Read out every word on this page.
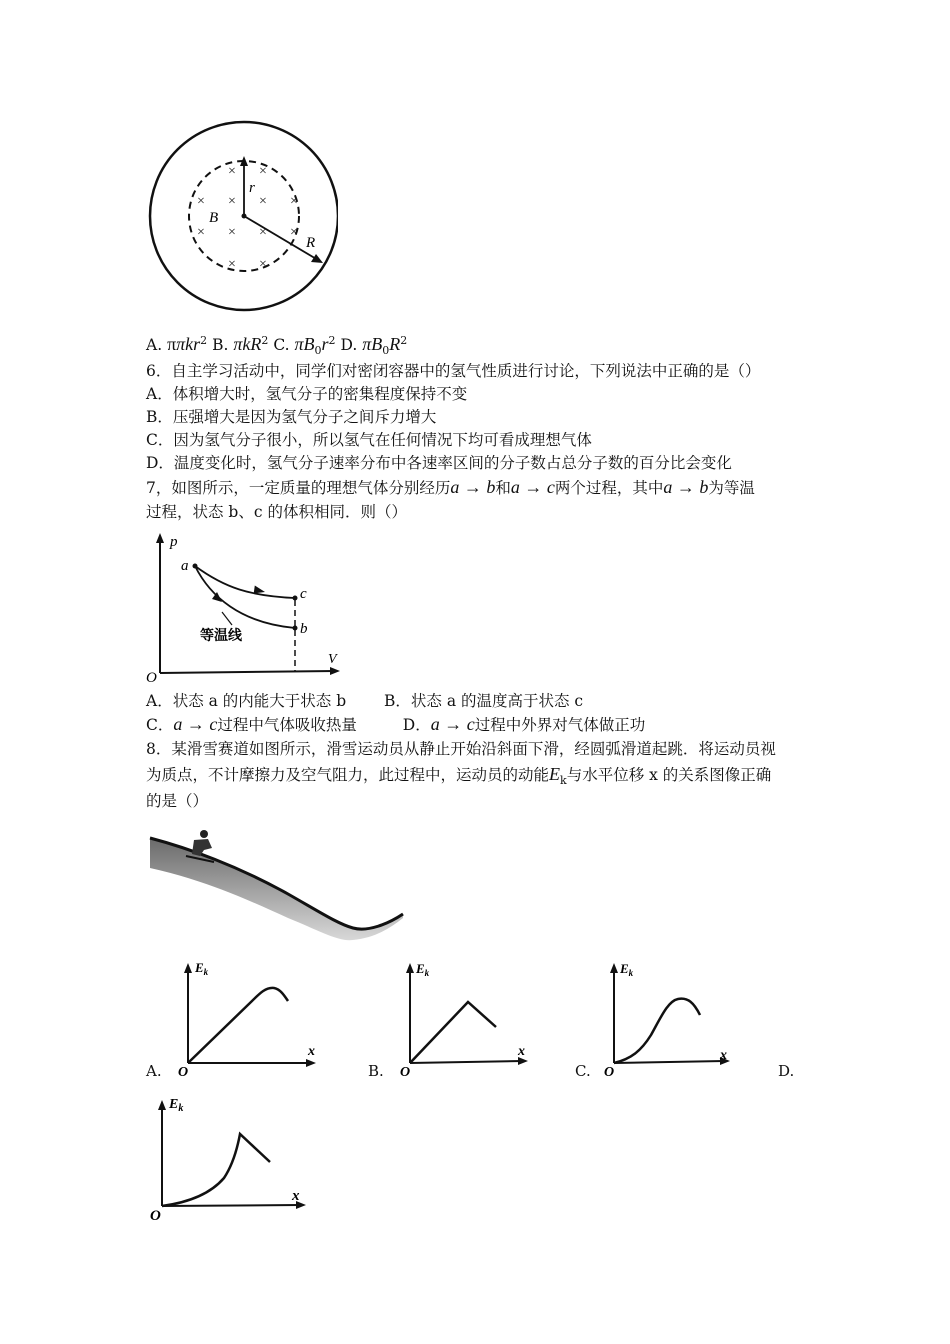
× ×
× × × ×
× × × ×
× ×
r
B
R
A. ππkr$^2$ B. πkR$^2$ C. $\pi B_0r^2$ D. $\pi B_0R^2$
6．自主学习活动中，同学们对密闭容器中的氢气性质进行讨论，下列说法中正确的是（）
A．体积增大时，氢气分子的密集程度保持不变
B．压强增大是因为氢气分子之间斥力增大
C．因为氢气分子很小，所以氢气在任何情况下均可看成理想气体
D．温度变化时，氢气分子速率分布中各速率区间的分子数占总分子数的百分比会变化
7，如图所示，一定质量的理想气体分别经历a → b和a → c两个过程，其中a → b为等温
过程，状态 b、c 的体积相同．则（）
p
V
O
a
c
b
等温线
A．状态 a 的内能大于状态 b B．状态 a 的温度高于状态 c
C．a → c过程中气体吸收热量	D．a → c过程中外界对气体做正功
8．某滑雪赛道如图所示，滑雪运动员从静止开始沿斜面下滑，经圆弧滑道起跳．将运动员视
为质点，不计摩擦力及空气阻力，此过程中，运动员的动能$E_k$与水平位移 x 的关系图像正确
的是（）
$E_k$
x
O
A.
$E_k$
x
O
B.
$E_k$
x
O
C.	D.
$E_k$
x
O
